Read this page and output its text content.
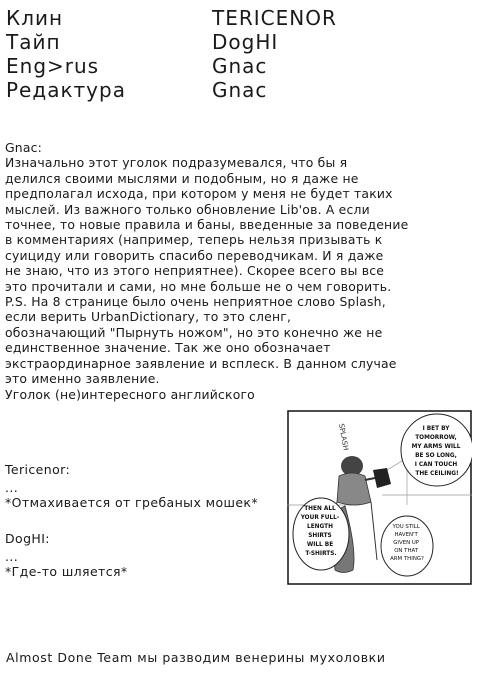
Клин	TERICENOR
Тайп	DogHI
Eng>rus	Gnac
Редактура	Gnac
Gnac:
Изначально этот уголок подразумевался, что бы я
делился своими мыслями и подобным, но я даже не
предполагал исхода, при котором у меня не будет таких
мыслей. Из важного только обновление Lib'ов. А если
точнее, то новые правила и баны, введенные за поведение
в комментариях (например, теперь нельзя призывать к
суициду или говорить спасибо переводчикам. И я даже
не знаю, что из этого неприятнее). Скорее всего вы все
это прочитали и сами, но мне больше не о чем говорить.
P.S. На 8 странице было очень неприятное слово Splash,
если верить UrbanDictionary, то это сленг,
обозначающий "Пырнуть ножом", но это конечно же не
единственное значение. Так же оно обозначает
экстраординарное заявление и всплеск. В данном случае
это именно заявление.
Уголок (не)интересного английского
Tericenor:
...
*Отмахивается от гребаных мошек*
DogHI:
...
*Где-то шляется*
SPLASH	I BET BY TOMORROW, MY ARMS WILL BE SO LONG, I CAN TOUCH THE CEILING!
THEN ALL YOUR FULL- LENGTH SHIRTS WILL BE T-SHIRTS.
YOU STILL HAVEN'T GIVEN UP ON THAT ARM THING?
Almost Done Team мы разводим венерины мухоловки
